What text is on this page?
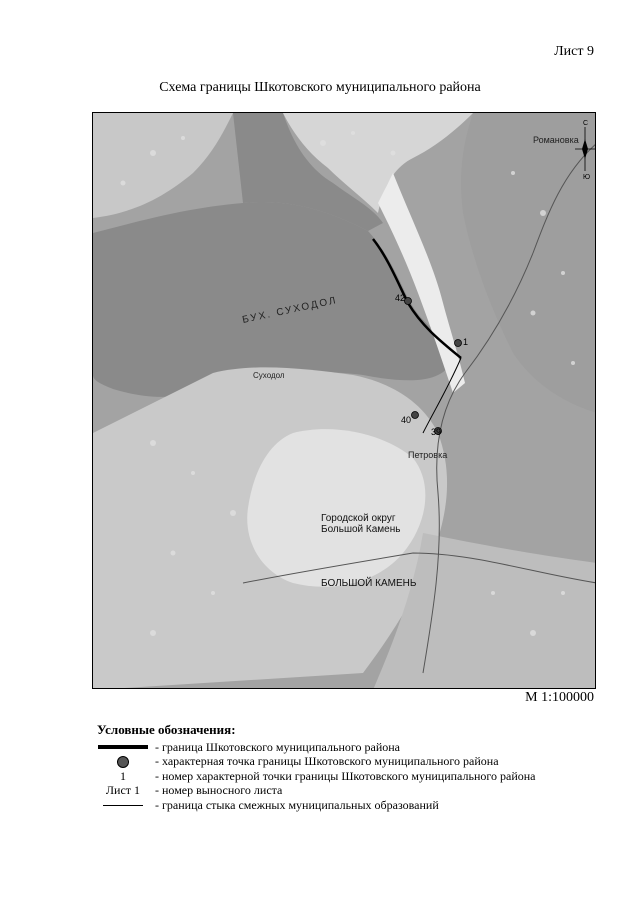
Лист 9
Схема границы Шкотовского муниципального района
42
1
40
39
БУХ. СУХОДОЛ
Романовка
Петровка
Суходол
Городской округ
Большой Камень
БОЛЬШОЙ КАМЕНЬ
С
Ю
М 1:100000
Условные обозначения:
- граница Шкотовского муниципального района
- характерная точка границы Шкотовского муниципального района
1 - номер характерной точки границы Шкотовского муниципального района
Лист 1 - номер выносного листа
- граница стыка смежных муниципальных образований
